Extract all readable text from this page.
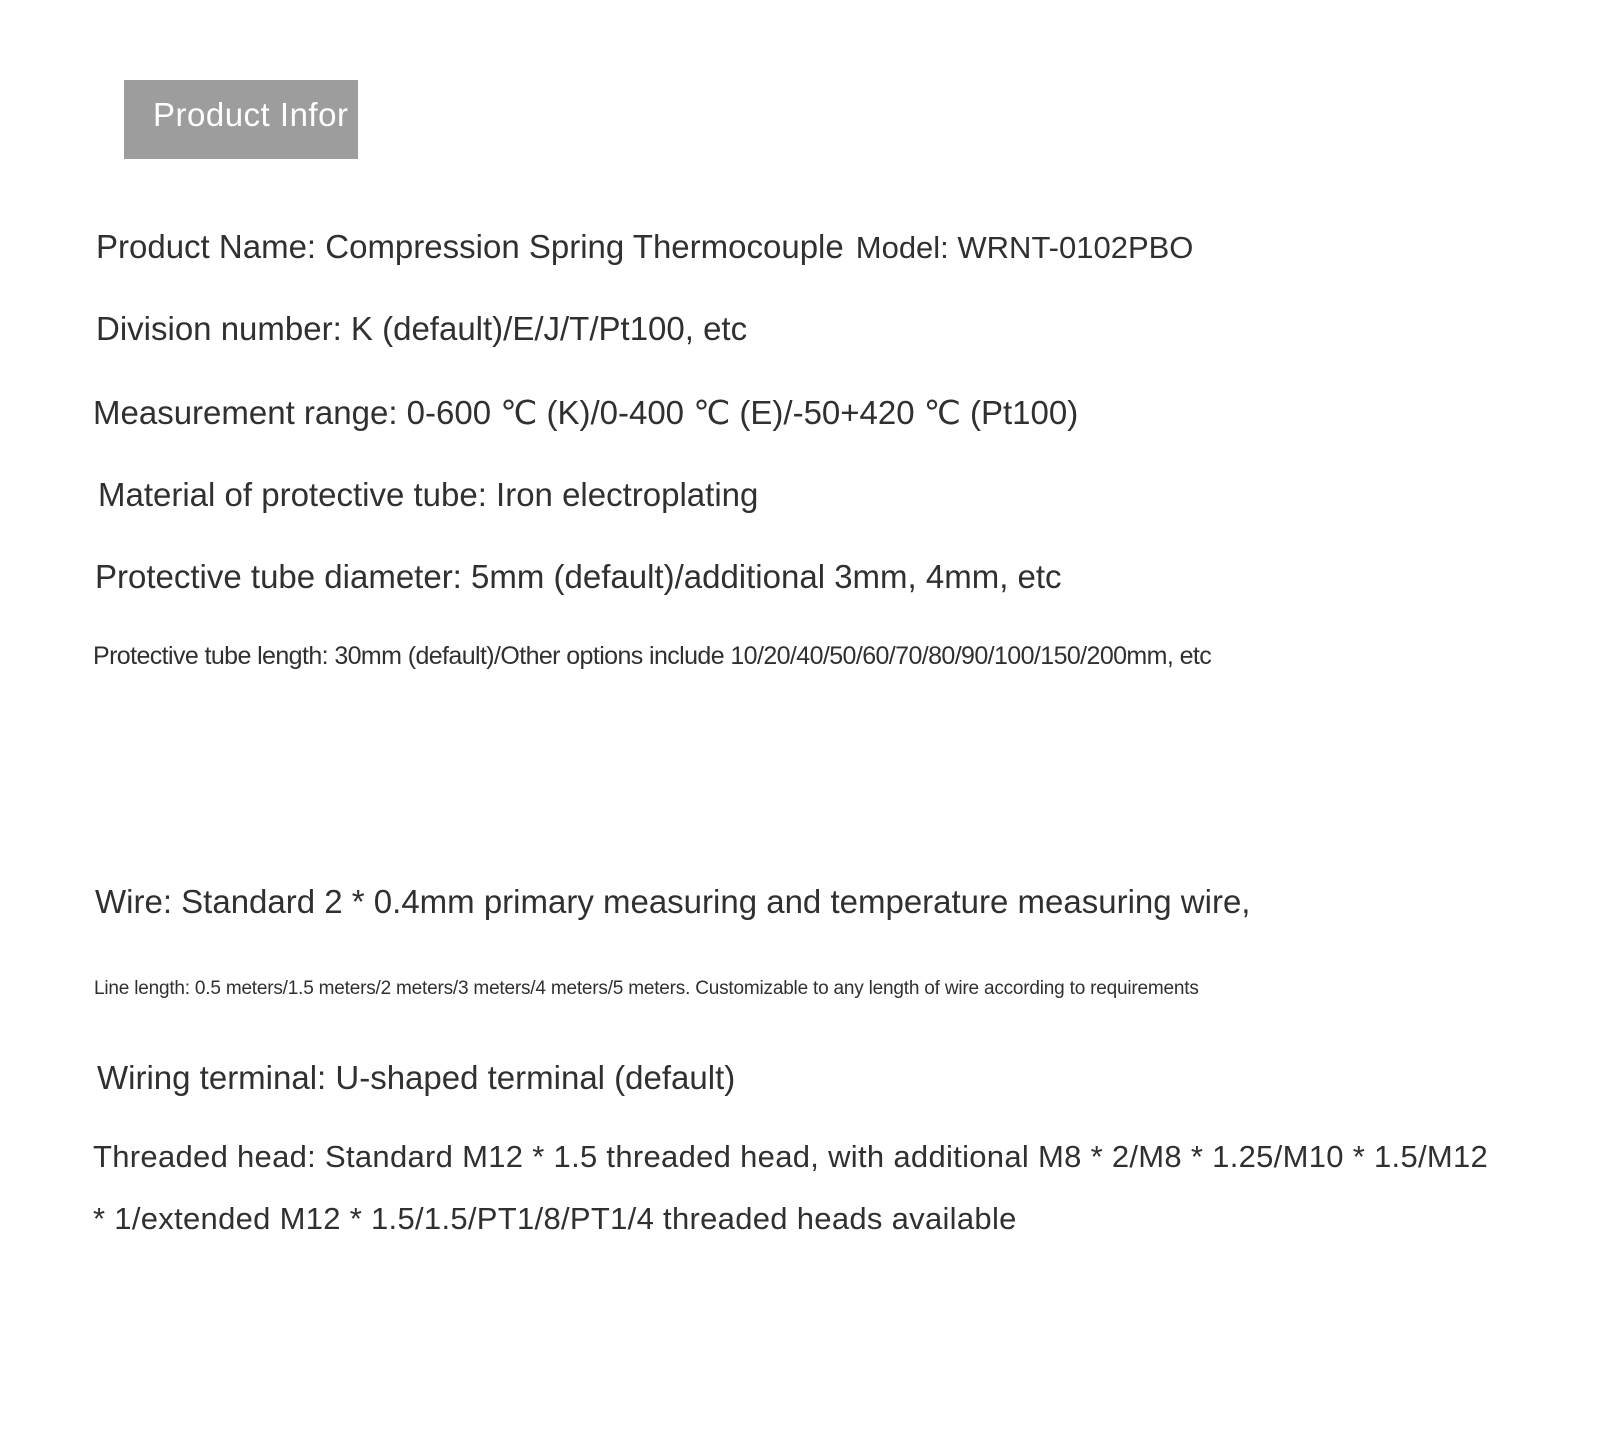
Product Infor
Product Name: Compression Spring Thermocouple Model: WRNT-0102PBO
Division number: K (default)/E/J/T/Pt100, etc
Measurement range: 0-600 ℃ (K)/0-400 ℃ (E)/-50+420 ℃ (Pt100)
Material of protective tube: Iron electroplating
Protective tube diameter: 5mm (default)/additional 3mm, 4mm, etc
Protective tube length: 30mm (default)/Other options include 10/20/40/50/60/70/80/90/100/150/200mm, etc
Wire: Standard 2 * 0.4mm primary measuring and temperature measuring wire,
Line length: 0.5 meters/1.5 meters/2 meters/3 meters/4 meters/5 meters. Customizable to any length of wire according to requirements
Wiring terminal: U-shaped terminal (default)
Threaded head: Standard M12 * 1.5 threaded head, with additional M8 * 2/M8 * 1.25/M10 * 1.5/M12
* 1/extended M12 * 1.5/1.5/PT1/8/PT1/4 threaded heads available
